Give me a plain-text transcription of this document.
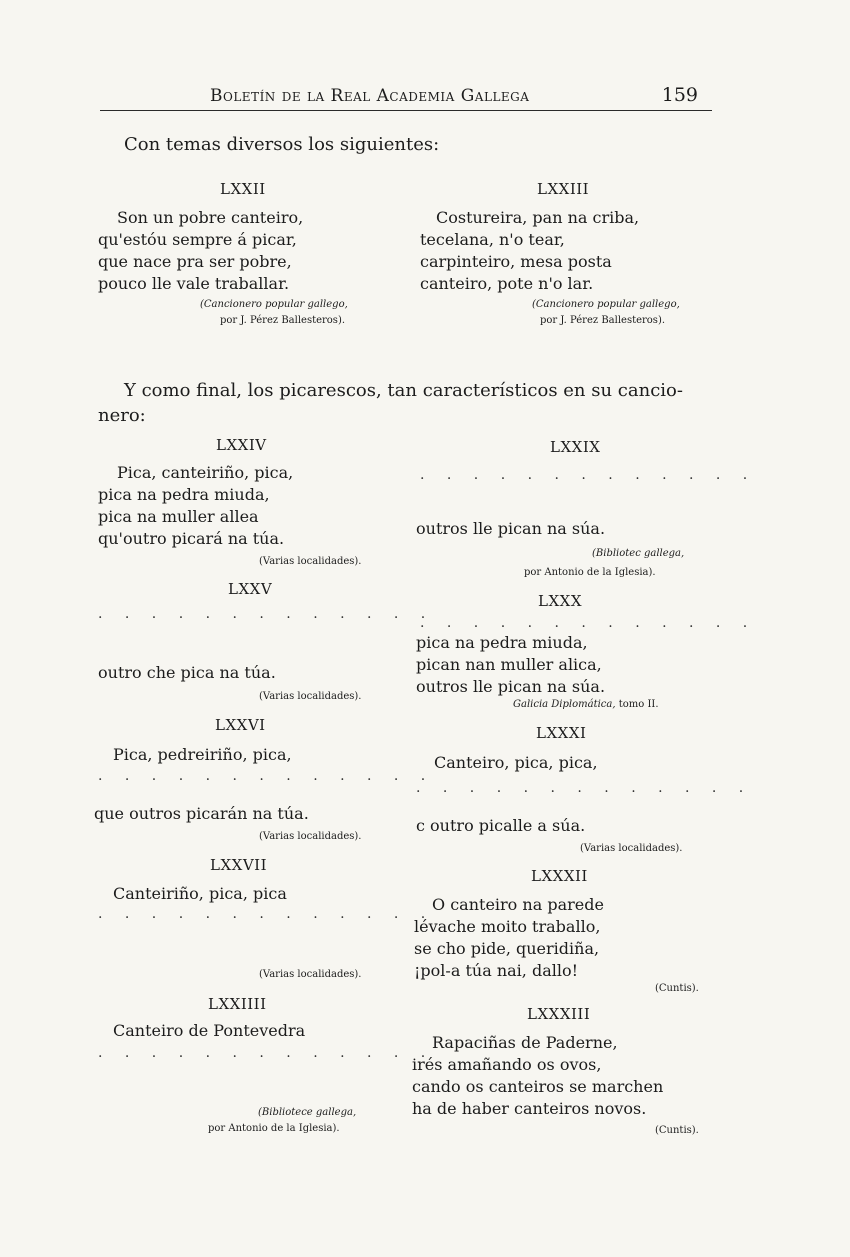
Boletín de la Real Academia Gallega	159
Con temas diversos los siguientes:
LXXII
Son un pobre canteiro,
qu'estóu sempre á picar,
que nace pra ser pobre,
pouco lle vale traballar.
(Cancionero popular gallego,
por J. Pérez Ballesteros).
LXXIII
Costureira, pan na criba,
tecelana, n'o tear,
carpinteiro, mesa posta
canteiro, pote n'o lar.
(Cancionero popular gallego,
por J. Pérez Ballesteros).
Y como final, los picarescos, tan característicos en su cancio-
nero:
LXXIV
Pica, canteiriño, pica,
pica na pedra miuda,
pica na muller allea
qu'outro picará na túa.
(Varias localidades).
LXXV
. . . . . . . . . . . . .
outro che pica na túa.
(Varias localidades).
LXXVI
Pica, pedreiriño, pica,
. . . . . . . . . . . . .
que outros picarán na túa.
(Varias localidades).
LXXVII
Canteiriño, pica, pica
. . . . . . . . . . . . .
(Varias localidades).
LXXIIII
Canteiro de Pontevedra
. . . . . . . . . . . . .
(Bibliotece gallega,
por Antonio de la Iglesia).
LXXIX
. . . . . . . . . . . . .
outros lle pican na súa.
(Bibliotec gallega,
por Antonio de la Iglesia).
LXXX
. . . . . . . . . . . . .
pica na pedra miuda,
pican nan muller alica,
outros lle pican na súa.
Galicia Diplomática, tomo II.
LXXXI
Canteiro, pica, pica,
. . . . . . . . . . . . .
c outro picalle a súa.
(Varias localidades).
LXXXII
O canteiro na parede
lévache moito traballo,
se cho pide, queridiña,
¡pol-a túa nai, dallo!
(Cuntis).
LXXXIII
Rapaciñas de Paderne,
irés amañando os ovos,
cando os canteiros se marchen
ha de haber canteiros novos.
(Cuntis).
